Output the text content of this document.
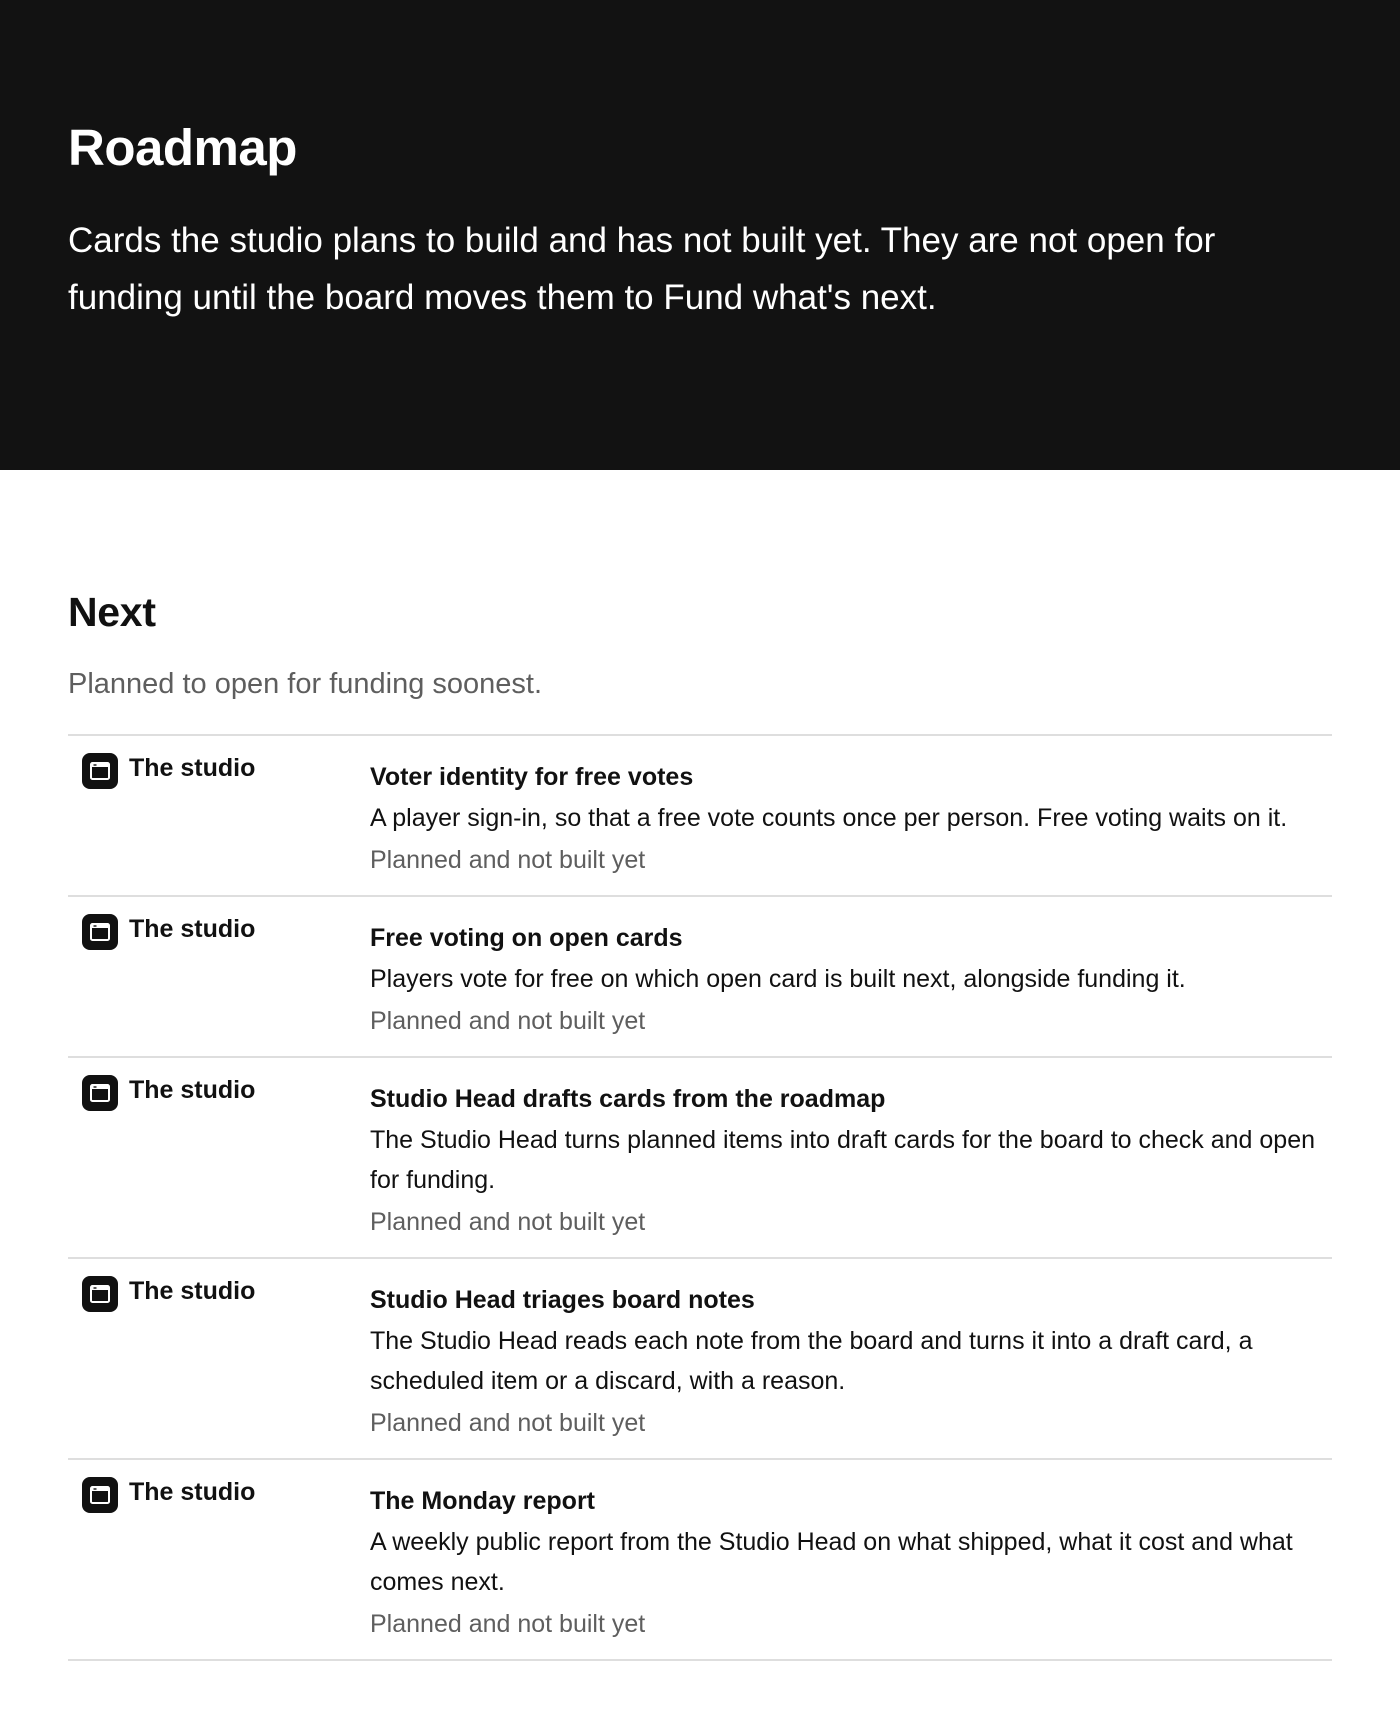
Roadmap

Cards the studio plans to build and has not built yet. They are not open for funding until the board moves them to Fund what's next.

Next

Planned to open for funding soonest.

The studio	Voter identity for free votes
A player sign-in, so that a free vote counts once per person. Free voting waits on it.
Planned and not built yet
The studio	Free voting on open cards
Players vote for free on which open card is built next, alongside funding it.
Planned and not built yet
The studio	Studio Head drafts cards from the roadmap
The Studio Head turns planned items into draft cards for the board to check and open for funding.
Planned and not built yet
The studio	Studio Head triages board notes
The Studio Head reads each note from the board and turns it into a draft card, a scheduled item or a discard, with a reason.
Planned and not built yet
The studio	The Monday report
A weekly public report from the Studio Head on what shipped, what it cost and what comes next.
Planned and not built yet
